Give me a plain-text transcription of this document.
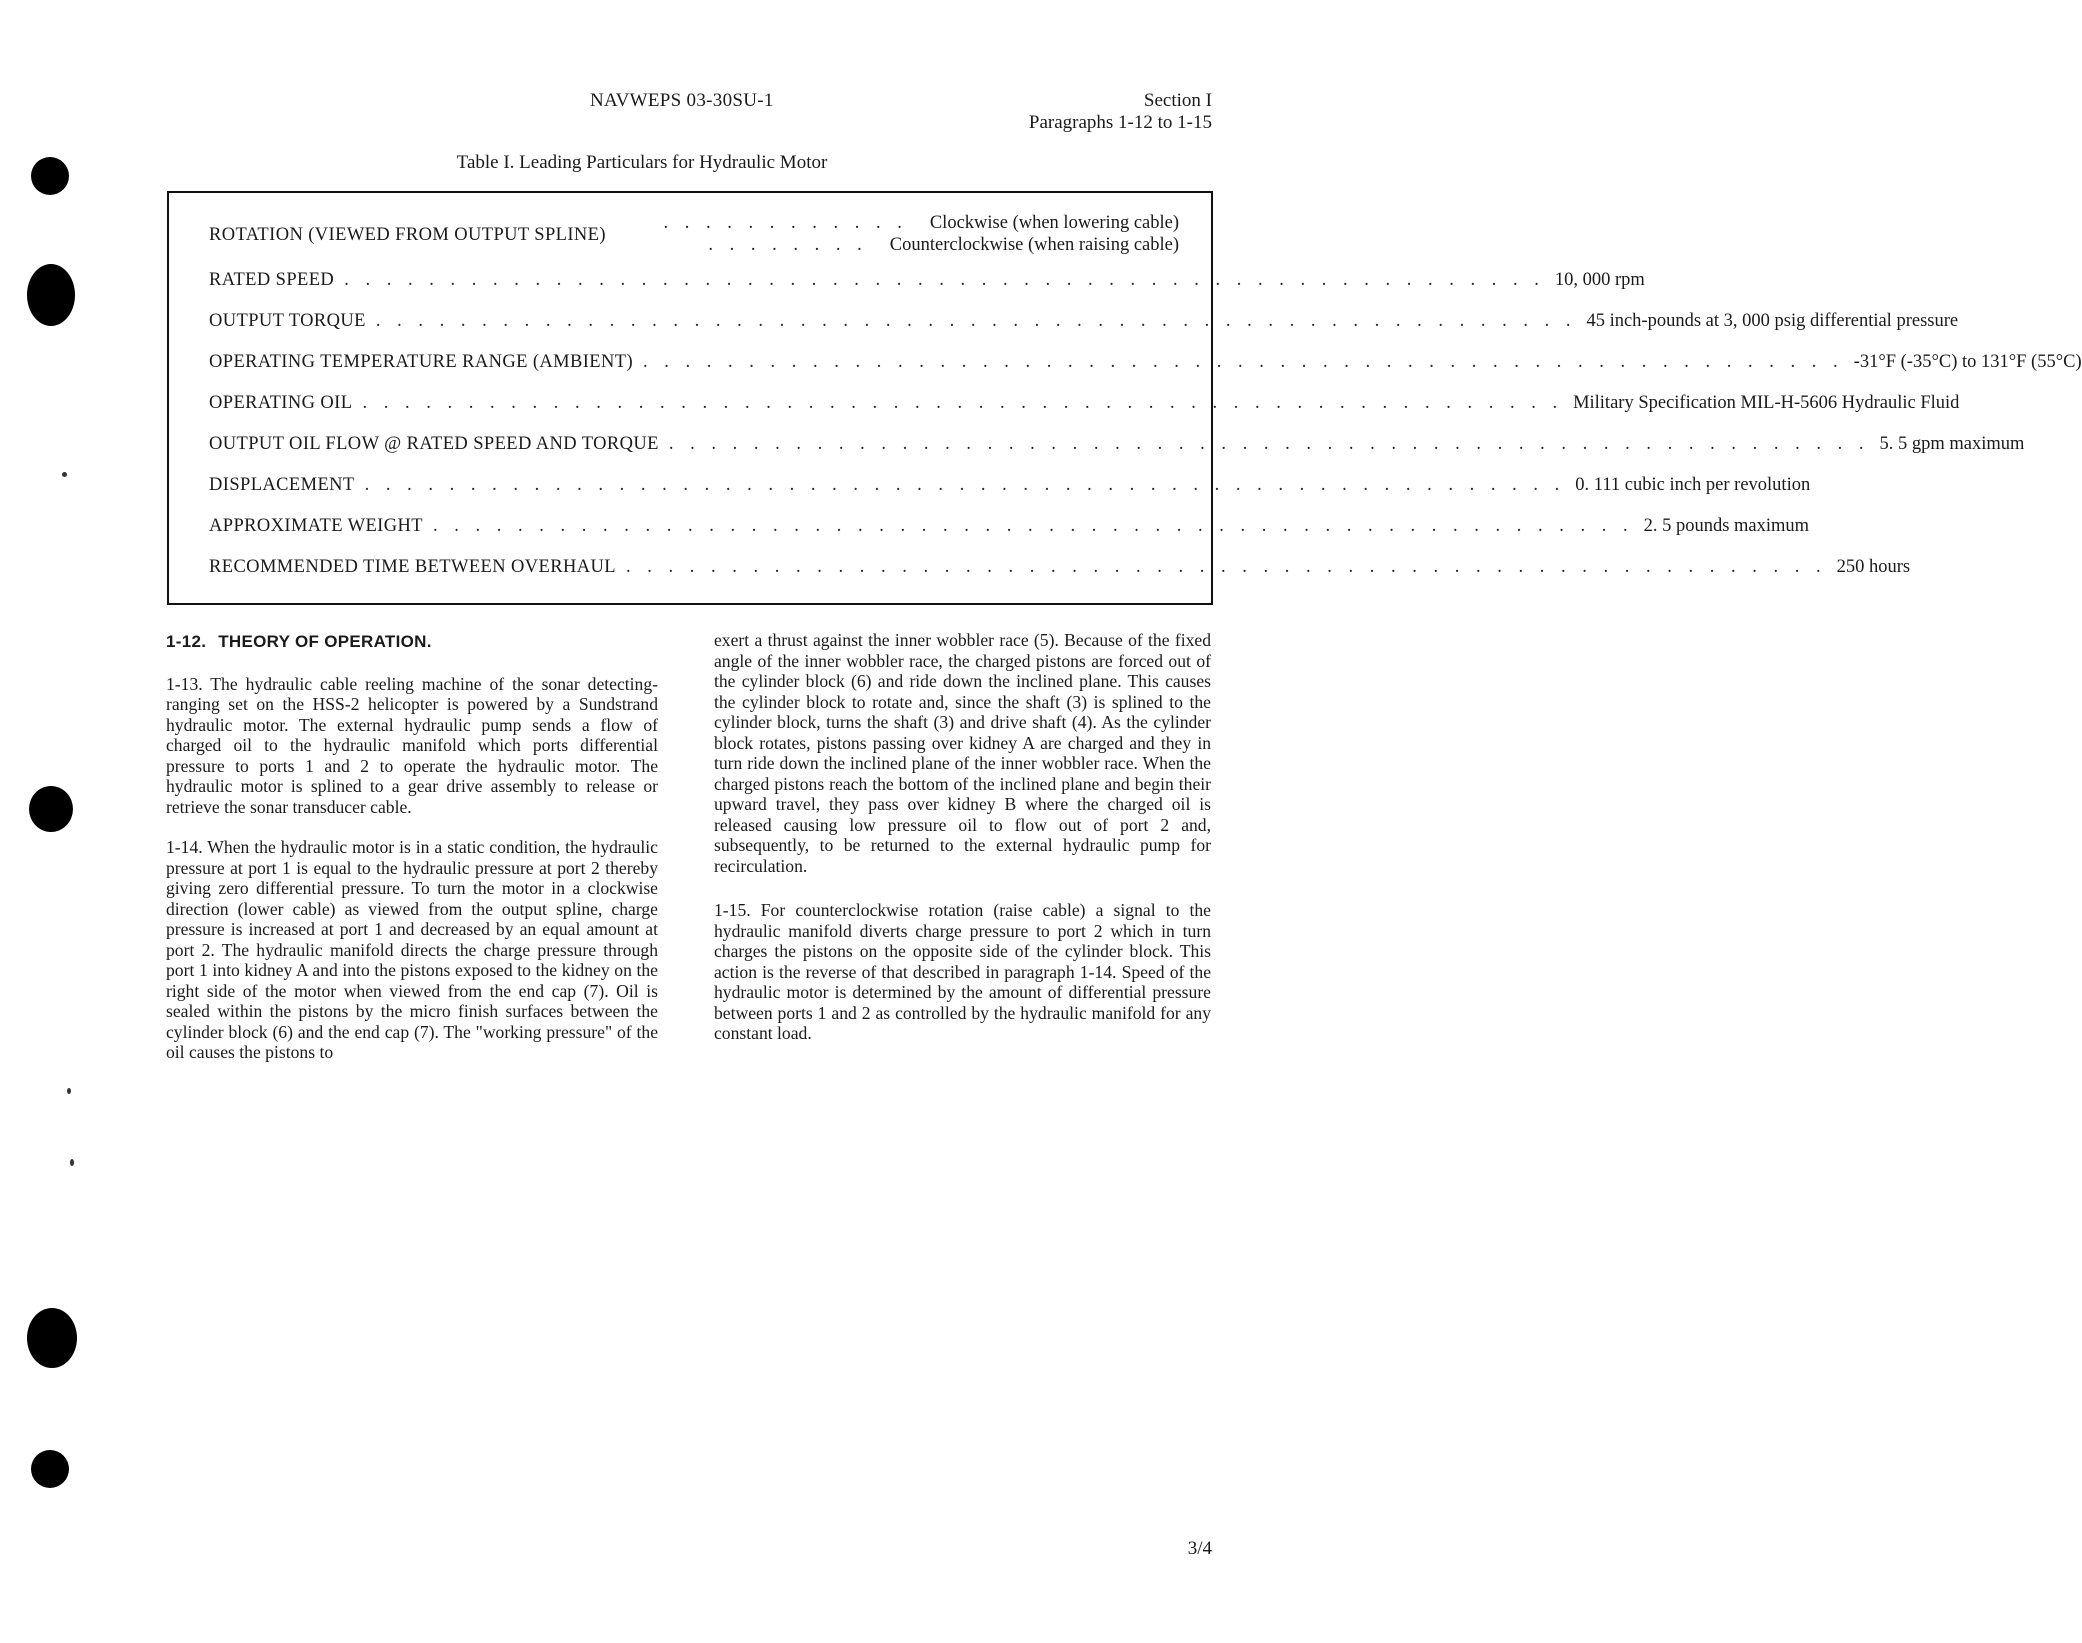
NAVWEPS 03-30SU-1	Section I
Paragraphs 1-12 to 1-15
Table I. Leading Particulars for Hydraulic Motor
ROTATION (VIEWED FROM OUTPUT SPLINE)
. . . . . . . . . . . . Clockwise (when lowering cable)
. . . . . . . . Counterclockwise (when raising cable)
RATED SPEED . . . . . . . . . . . . . . . . . . . . . . . . . . . . . . . . . . . . . . . . . . . . . . . . . . . . . . . . . 10, 000 rpm
OUTPUT TORQUE . . . . . . . . . . . . . . . . . . . . . . . . . . . . . . . . . . . . . . . . . . . . . . . . . . . . . . . . . 45 inch-pounds at 3, 000 psig differential pressure
OPERATING TEMPERATURE RANGE (AMBIENT) . . . . . . . . . . . . . . . . . . . . . . . . . . . . . . . . . . . . . . . . . . . . . . . . . . . . . . . . . -31°F (-35°C) to 131°F (55°C)
OPERATING OIL . . . . . . . . . . . . . . . . . . . . . . . . . . . . . . . . . . . . . . . . . . . . . . . . . . . . . . . . . Military Specification MIL-H-5606 Hydraulic Fluid
OUTPUT OIL FLOW @ RATED SPEED AND TORQUE . . . . . . . . . . . . . . . . . . . . . . . . . . . . . . . . . . . . . . . . . . . . . . . . . . . . . . . . . 5. 5 gpm maximum
DISPLACEMENT . . . . . . . . . . . . . . . . . . . . . . . . . . . . . . . . . . . . . . . . . . . . . . . . . . . . . . . . . 0. 111 cubic inch per revolution
APPROXIMATE WEIGHT . . . . . . . . . . . . . . . . . . . . . . . . . . . . . . . . . . . . . . . . . . . . . . . . . . . . . . . . . 2. 5 pounds maximum
RECOMMENDED TIME BETWEEN OVERHAUL . . . . . . . . . . . . . . . . . . . . . . . . . . . . . . . . . . . . . . . . . . . . . . . . . . . . . . . . . 250 hours
1-12. THEORY OF OPERATION.

1-13. The hydraulic cable reeling machine of the sonar detecting-ranging set on the HSS-2 helicopter is powered by a Sundstrand hydraulic motor. The external hydraulic pump sends a flow of charged oil to the hydraulic manifold which ports differential pressure to ports 1 and 2 to operate the hydraulic motor. The hydraulic motor is splined to a gear drive assembly to release or retrieve the sonar transducer cable.

1-14. When the hydraulic motor is in a static condition, the hydraulic pressure at port 1 is equal to the hydraulic pressure at port 2 thereby giving zero differential pressure. To turn the motor in a clockwise direction (lower cable) as viewed from the output spline, charge pressure is increased at port 1 and decreased by an equal amount at port 2. The hydraulic manifold directs the charge pressure through port 1 into kidney A and into the pistons exposed to the kidney on the right side of the motor when viewed from the end cap (7). Oil is sealed within the pistons by the micro finish surfaces between the cylinder block (6) and the end cap (7). The "working pressure" of the oil causes the pistons to

exert a thrust against the inner wobbler race (5). Because of the fixed angle of the inner wobbler race, the charged pistons are forced out of the cylinder block (6) and ride down the inclined plane. This causes the cylinder block to rotate and, since the shaft (3) is splined to the cylinder block, turns the shaft (3) and drive shaft (4). As the cylinder block rotates, pistons passing over kidney A are charged and they in turn ride down the inclined plane of the inner wobbler race. When the charged pistons reach the bottom of the inclined plane and begin their upward travel, they pass over kidney B where the charged oil is released causing low pressure oil to flow out of port 2 and, subsequently, to be returned to the external hydraulic pump for recirculation.

1-15. For counterclockwise rotation (raise cable) a signal to the hydraulic manifold diverts charge pressure to port 2 which in turn charges the pistons on the opposite side of the cylinder block. This action is the reverse of that described in paragraph 1-14. Speed of the hydraulic motor is determined by the amount of differential pressure between ports 1 and 2 as controlled by the hydraulic manifold for any constant load.

3/4
